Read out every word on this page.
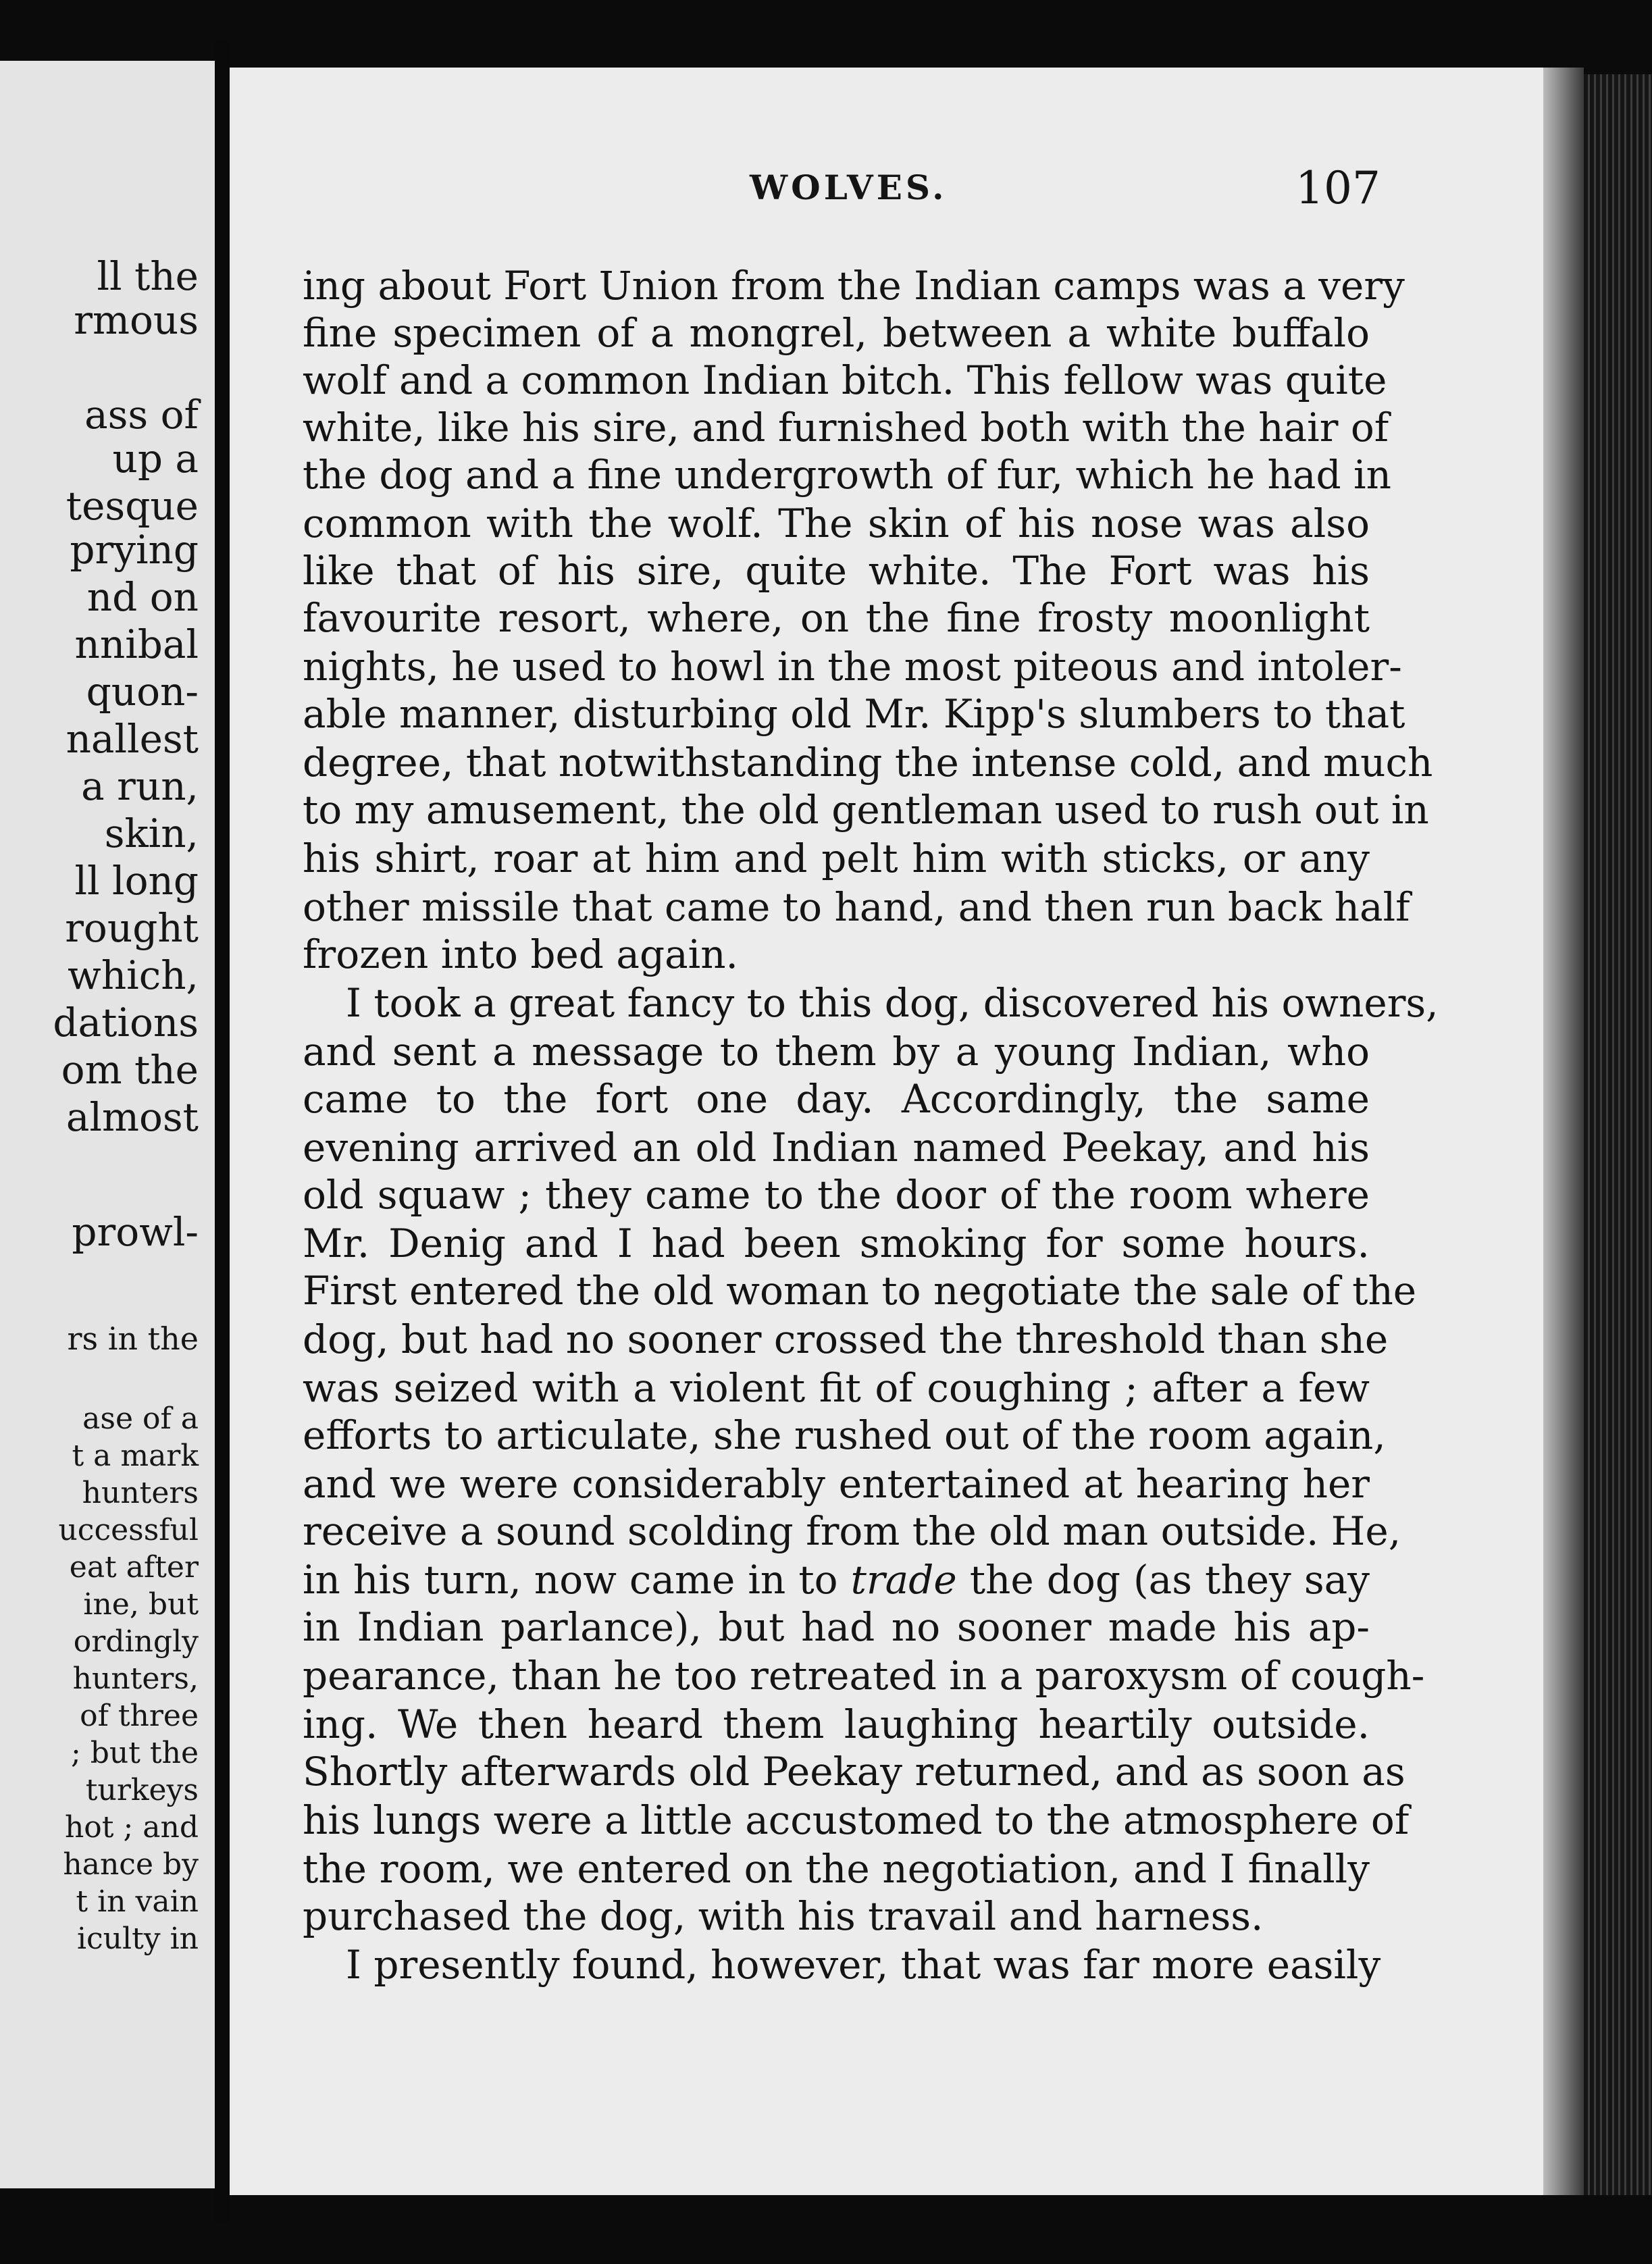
ll the
rmous
ass of
up a
tesque
prying
nd on
nnibal
quon-
nallest
a run,
skin,
ll long
rought
which,
dations
om the
almost
prowl-
rs in the
ase of a
t a mark
hunters
uccessful
eat after
ine, but
ordingly
hunters,
of three
; but the
turkeys
hot ; and
hance by
t in vain
iculty in
WOLVES.	107
ing about Fort Union from the Indian camps was a very
fine specimen of a mongrel, between a white buffalo
wolf and a common Indian bitch. This fellow was quite
white, like his sire, and furnished both with the hair of
the dog and a fine undergrowth of fur, which he had in
common with the wolf. The skin of his nose was also
like that of his sire, quite white. The Fort was his
favourite resort, where, on the fine frosty moonlight
nights, he used to howl in the most piteous and intoler-
able manner, disturbing old Mr. Kipp's slumbers to that
degree, that notwithstanding the intense cold, and much
to my amusement, the old gentleman used to rush out in
his shirt, roar at him and pelt him with sticks, or any
other missile that came to hand, and then run back half
frozen into bed again.
I took a great fancy to this dog, discovered his owners,
and sent a message to them by a young Indian, who
came to the fort one day. Accordingly, the same
evening arrived an old Indian named Peekay, and his
old squaw ; they came to the door of the room where
Mr. Denig and I had been smoking for some hours.
First entered the old woman to negotiate the sale of the
dog, but had no sooner crossed the threshold than she
was seized with a violent fit of coughing ; after a few
efforts to articulate, she rushed out of the room again,
and we were considerably entertained at hearing her
receive a sound scolding from the old man outside. He,
in his turn, now came in to trade the dog (as they say
in Indian parlance), but had no sooner made his ap-
pearance, than he too retreated in a paroxysm of cough-
ing. We then heard them laughing heartily outside.
Shortly afterwards old Peekay returned, and as soon as
his lungs were a little accustomed to the atmosphere of
the room, we entered on the negotiation, and I finally
purchased the dog, with his travail and harness.
I presently found, however, that was far more easily
